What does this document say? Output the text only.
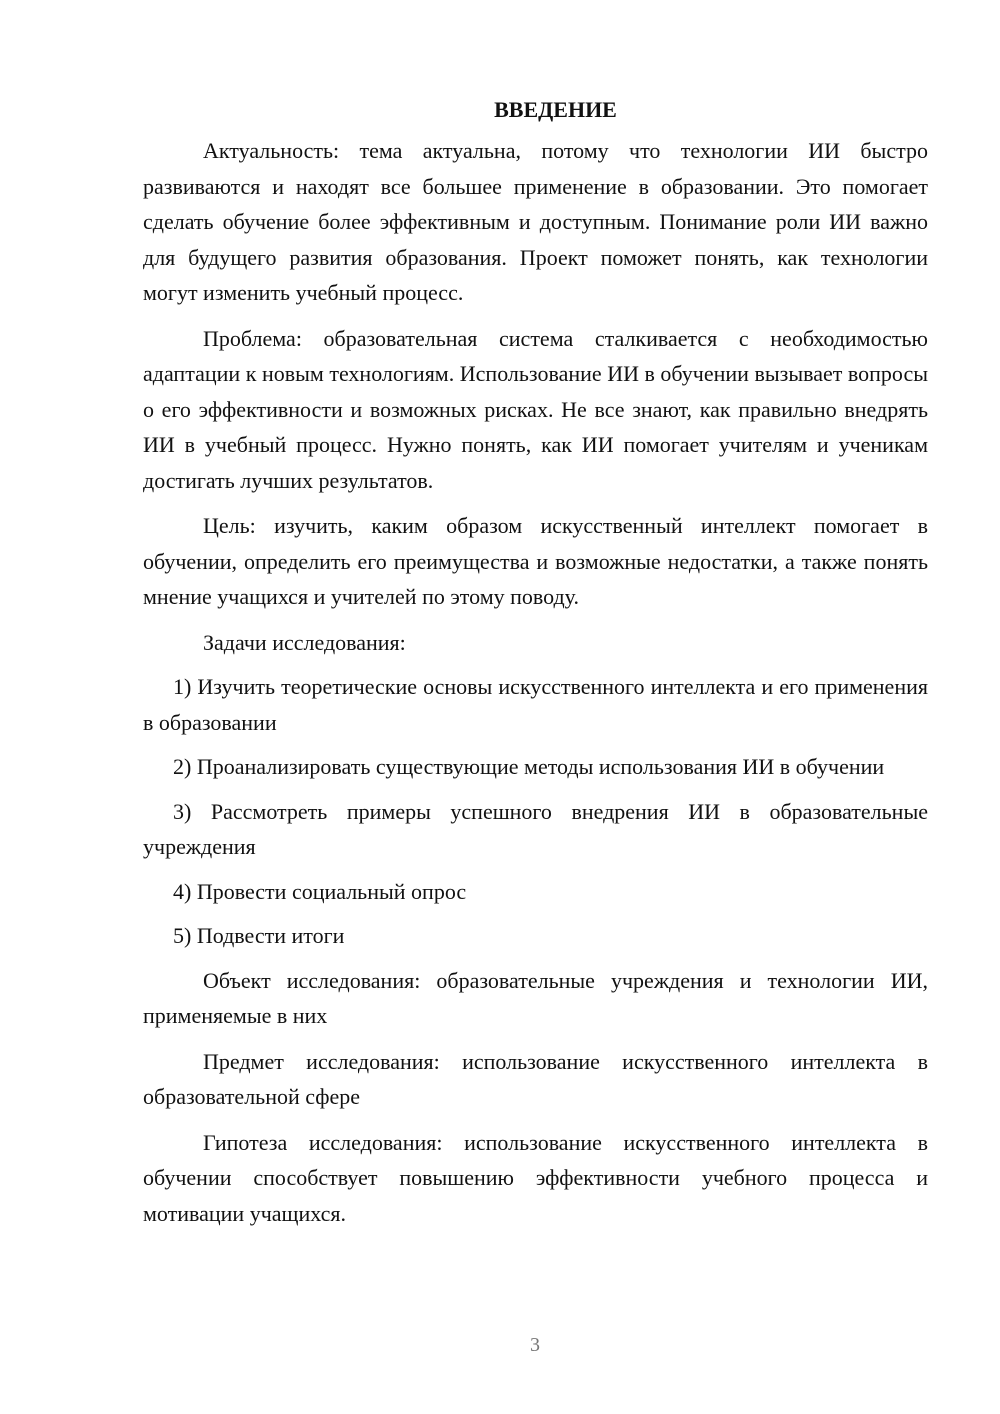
ВВЕДЕНИЕ

Актуальность: тема актуальна, потому что технологии ИИ быстро развиваются и находят все большее применение в образовании. Это помогает сделать обучение более эффективным и доступным. Понимание роли ИИ важно для будущего развития образования. Проект поможет понять, как технологии могут изменить учебный процесс.

Проблема: образовательная система сталкивается с необходимостью адаптации к новым технологиям. Использование ИИ в обучении вызывает вопросы о его эффективности и возможных рисках. Не все знают, как правильно внедрять ИИ в учебный процесс. Нужно понять, как ИИ помогает учителям и ученикам достигать лучших результатов.

Цель: изучить, каким образом искусственный интеллект помогает в обучении, определить его преимущества и возможные недостатки, а также понять мнение учащихся и учителей по этому поводу.

Задачи исследования:

1) Изучить теоретические основы искусственного интеллекта и его применения в образовании

2) Проанализировать существующие методы использования ИИ в обучении

3) Рассмотреть примеры успешного внедрения ИИ в образовательные учреждения

4) Провести социальный опрос

5) Подвести итоги

Объект исследования: образовательные учреждения и технологии ИИ, применяемые в них

Предмет исследования: использование искусственного интеллекта в образовательной сфере

Гипотеза исследования: использование искусственного интеллекта в обучении способствует повышению эффективности учебного процесса и мотивации учащихся.

3
